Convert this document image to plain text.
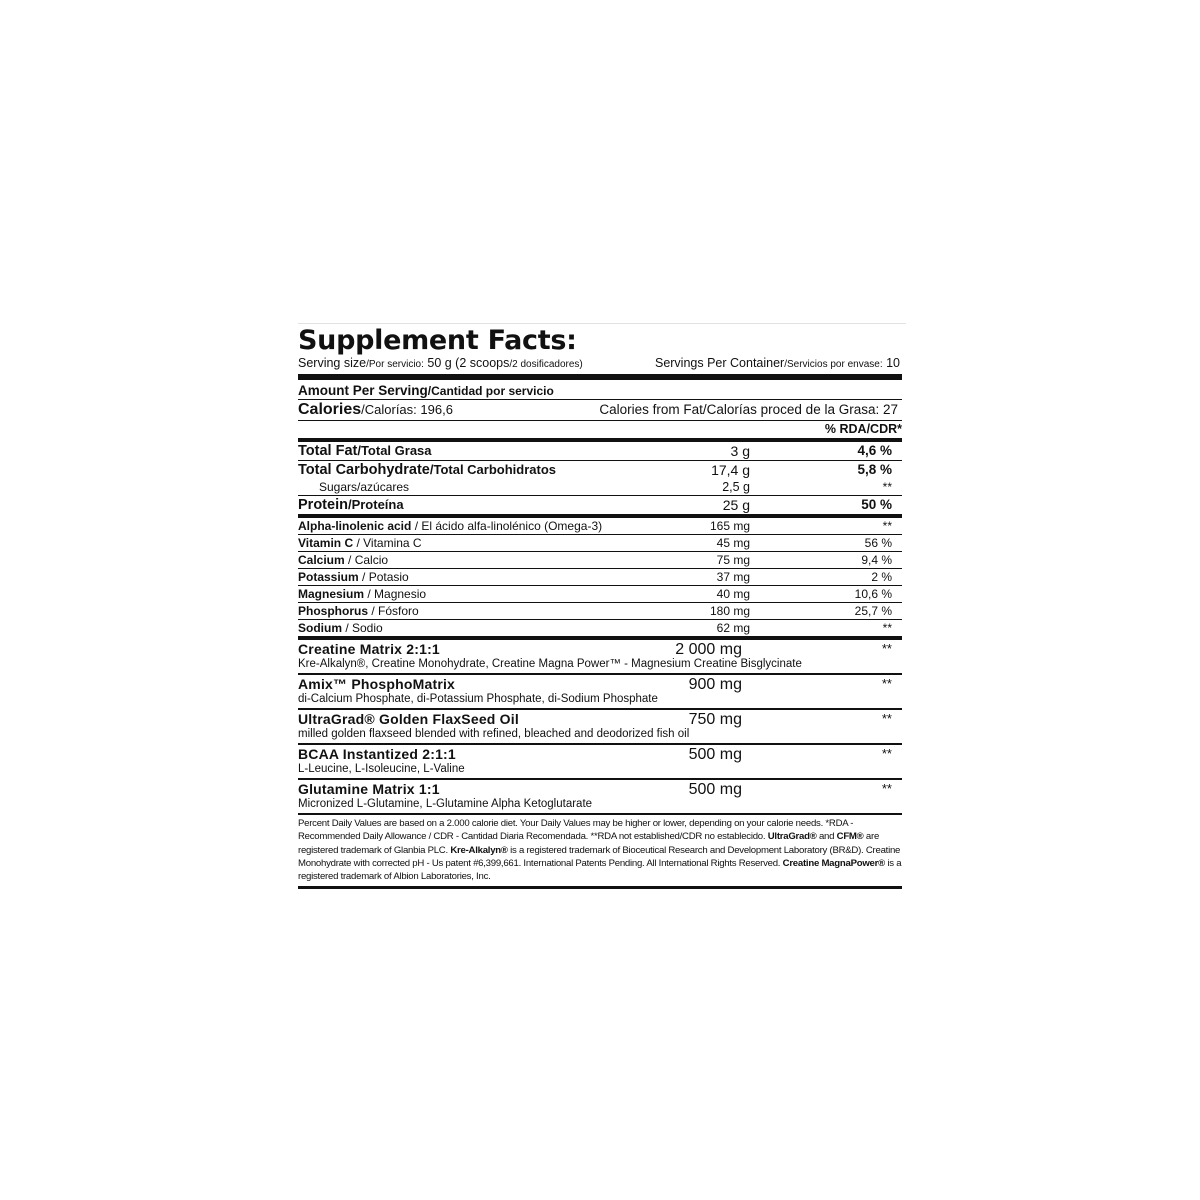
Supplement Facts:
Serving size/Por servicio: 50 g (2 scoops/2 dosificadores)	Servings Per Container/Servicios por envase: 10
Amount Per Serving/Cantidad por servicio
Calories/Calorías: 196,6	Calories from Fat/Calorías proced de la Grasa: 27
% RDA/CDR*
Total Fat/Total Grasa	3 g	4,6 %
Total Carbohydrate/Total Carbohidratos	17,4 g	5,8 %
Sugars/azúcares	2,5 g	**
Protein/Proteína	25 g	50 %
Alpha-linolenic acid / El ácido alfa-linolénico (Omega-3)	165 mg	**
Vitamin C / Vitamina C	45 mg	56 %
Calcium / Calcio	75 mg	9,4 %
Potassium / Potasio	37 mg	2 %
Magnesium / Magnesio	40 mg	10,6 %
Phosphorus / Fósforo	180 mg	25,7 %
Sodium / Sodio	62 mg	**
Creatine Matrix 2:1:1
Kre-Alkalyn®, Creatine Monohydrate, Creatine Magna Power™ - Magnesium Creatine Bisglycinate
2 000 mg	**
Amix™ PhosphoMatrix
di-Calcium Phosphate, di-Potassium Phosphate, di-Sodium Phosphate
900 mg	**
UltraGrad® Golden FlaxSeed Oil
milled golden flaxseed blended with refined, bleached and deodorized fish oil
750 mg	**
BCAA Instantized 2:1:1
L-Leucine, L-Isoleucine, L-Valine
500 mg	**
Glutamine Matrix 1:1
Micronized L-Glutamine, L-Glutamine Alpha Ketoglutarate
500 mg	**
Percent Daily Values are based on a 2.000 calorie diet. Your Daily Values may be higher or lower, depending on your calorie needs. *RDA - Recommended Daily Allowance / CDR - Cantidad Diaria Recomendada. **RDA not established/CDR no establecido. UltraGrad® and CFM® are registered trademark of Glanbia PLC. Kre-Alkalyn® is a registered trademark of Bioceutical Research and Development Laboratory (BR&D). Creatine Monohydrate with corrected pH - Us patent #6,399,661. International Patents Pending. All International Rights Reserved. Creatine MagnaPower® is a registered trademark of Albion Laboratories, Inc.
